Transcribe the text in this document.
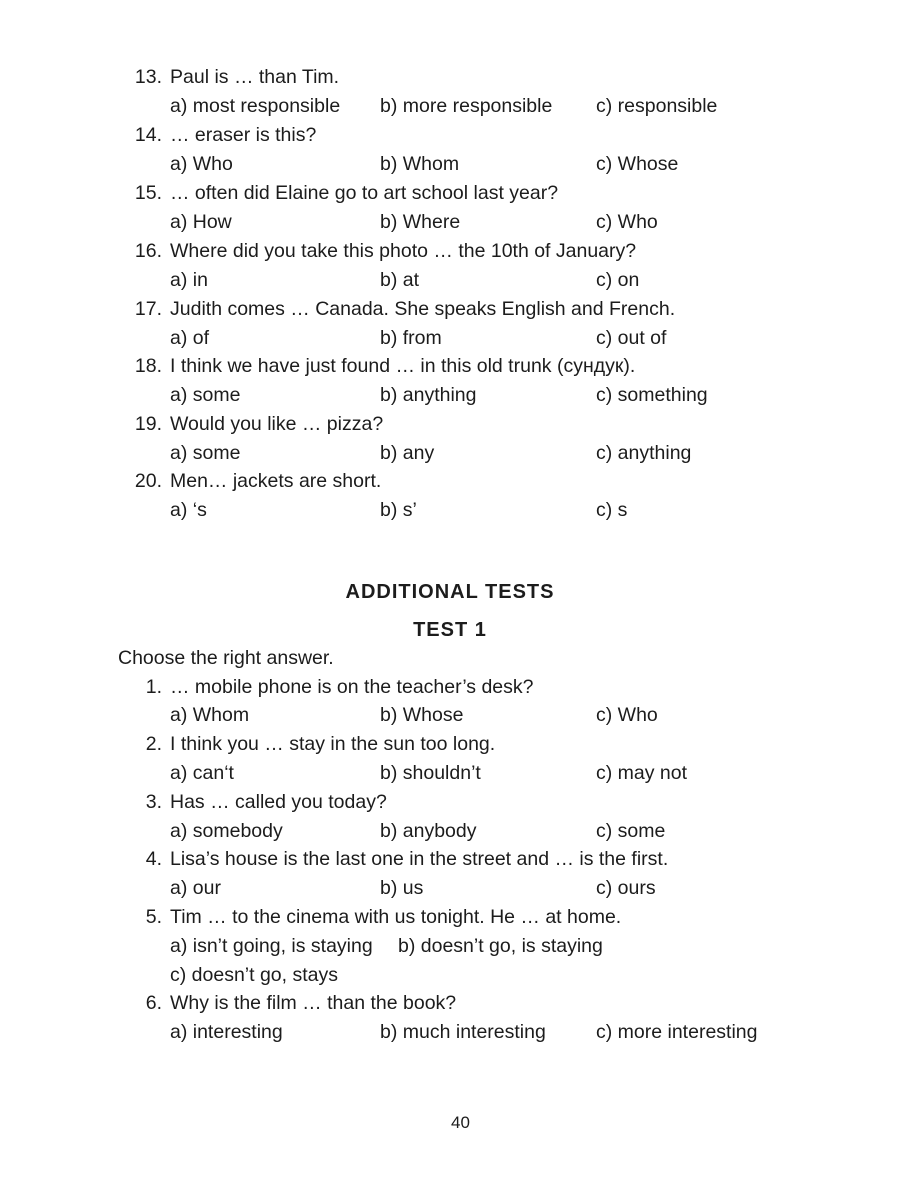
13. Paul is … than Tim.
a) most responsible b) more responsible c) responsible
14. … eraser is this?
a) Who	b) Whom	c) Whose
15. … often did Elaine go to art school last year?
a) How	b) Where	c) Who
16. Where did you take this photo … the 10th of January?
a) in	b) at	c) on
17. Judith comes … Canada. She speaks English and French.
a) of	b) from	c) out of
18. I think we have just found … in this old trunk (сундук).
a) some	b) anything	c) something
19. Would you like … pizza?
a) some	b) any	c) anything
20. Men… jackets are short.
a) ‘s	b) s’	c) s
ADDITIONAL TESTS
TEST 1
Choose the right answer.
1. … mobile phone is on the teacher’s desk?
a) Whom	b) Whose	c) Who
2. I think you … stay in the sun too long.
a) can‘t	b) shouldn’t	c) may not
3. Has … called you today?
a) somebody	b) anybody	c) some
4. Lisa’s house is the last one in the street and … is the first.
a) our	b) us	c) ours
5. Tim … to the cinema with us tonight. He … at home.
a) isn’t going, is staying b) doesn’t go, is staying
c) doesn’t go, stays
6. Why is the film … than the book?
a) interesting	b) much interesting	c) more interesting
40
